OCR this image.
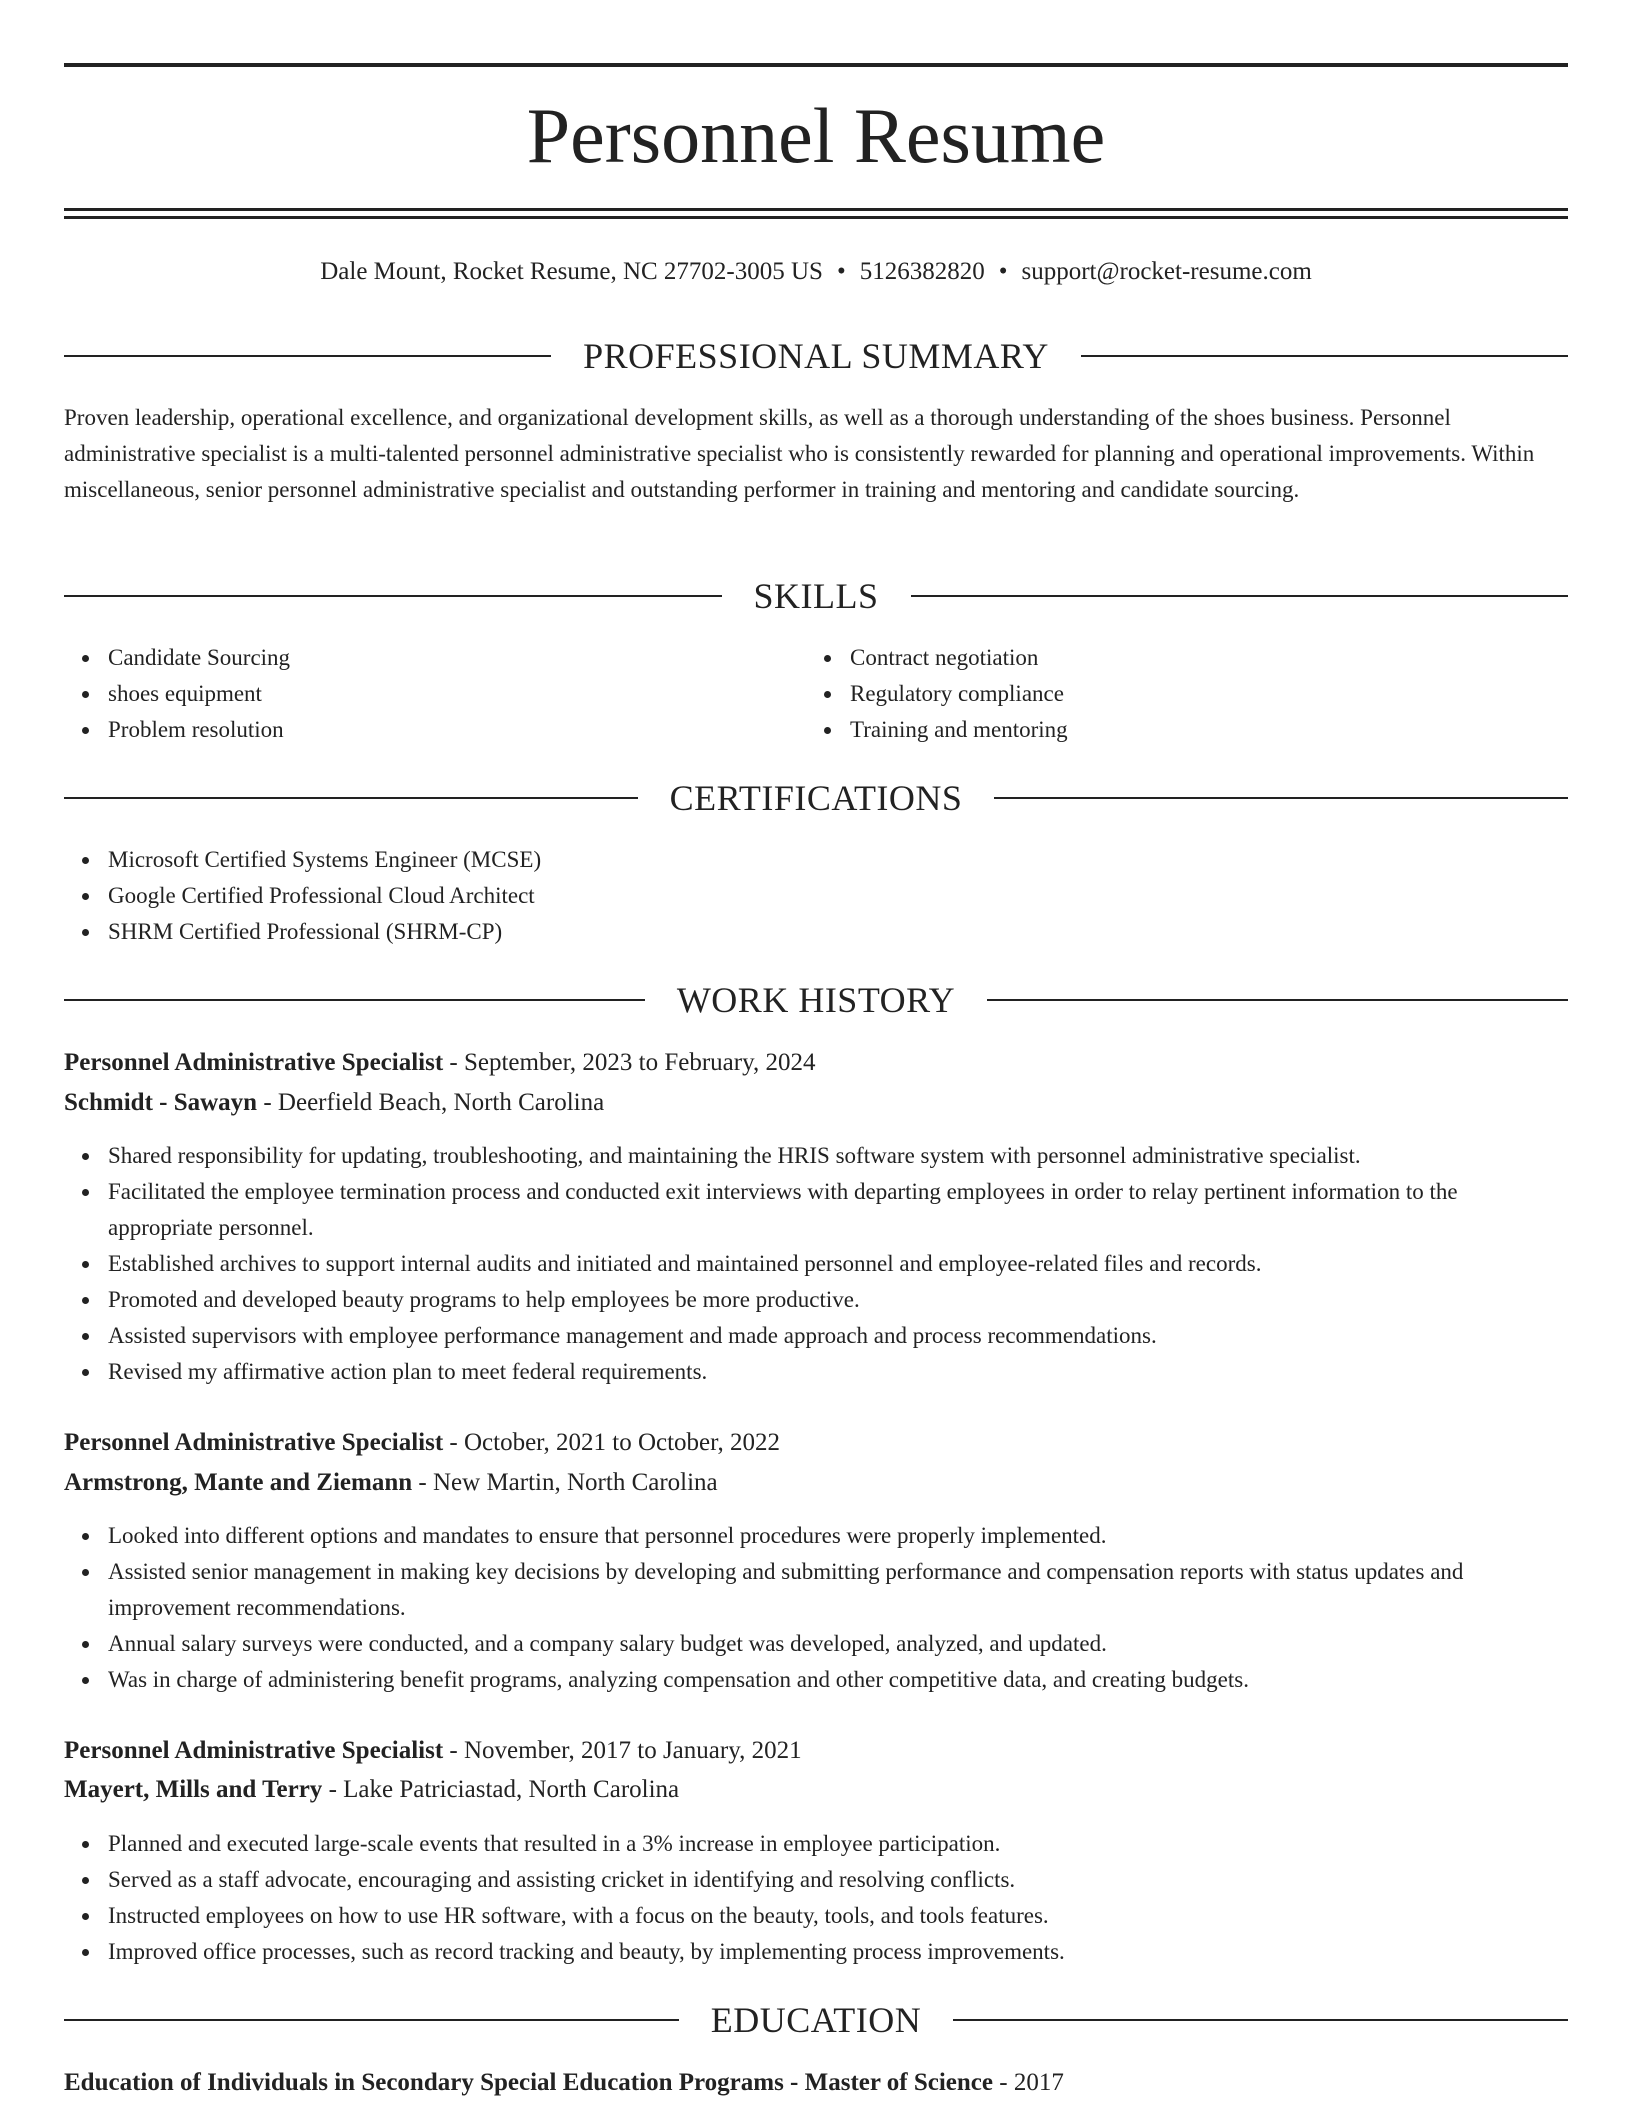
Personnel Resume
Dale Mount, Rocket Resume, NC 27702-3005 US • 5126382820 • support@rocket-resume.com
PROFESSIONAL SUMMARY
Proven leadership, operational excellence, and organizational development skills, as well as a thorough understanding of the shoes business. Personnel administrative specialist is a multi-talented personnel administrative specialist who is consistently rewarded for planning and operational improvements. Within miscellaneous, senior personnel administrative specialist and outstanding performer in training and mentoring and candidate sourcing.
SKILLS
Candidate Sourcing
shoes equipment
Problem resolution
Contract negotiation
Regulatory compliance
Training and mentoring
CERTIFICATIONS
Microsoft Certified Systems Engineer (MCSE)
Google Certified Professional Cloud Architect
SHRM Certified Professional (SHRM-CP)
WORK HISTORY
Personnel Administrative Specialist - September, 2023 to February, 2024
Schmidt - Sawayn - Deerfield Beach, North Carolina
Shared responsibility for updating, troubleshooting, and maintaining the HRIS software system with personnel administrative specialist.
Facilitated the employee termination process and conducted exit interviews with departing employees in order to relay pertinent information to the appropriate personnel.
Established archives to support internal audits and initiated and maintained personnel and employee-related files and records.
Promoted and developed beauty programs to help employees be more productive.
Assisted supervisors with employee performance management and made approach and process recommendations.
Revised my affirmative action plan to meet federal requirements.
Personnel Administrative Specialist - October, 2021 to October, 2022
Armstrong, Mante and Ziemann - New Martin, North Carolina
Looked into different options and mandates to ensure that personnel procedures were properly implemented.
Assisted senior management in making key decisions by developing and submitting performance and compensation reports with status updates and improvement recommendations.
Annual salary surveys were conducted, and a company salary budget was developed, analyzed, and updated.
Was in charge of administering benefit programs, analyzing compensation and other competitive data, and creating budgets.
Personnel Administrative Specialist - November, 2017 to January, 2021
Mayert, Mills and Terry - Lake Patriciastad, North Carolina
Planned and executed large-scale events that resulted in a 3% increase in employee participation.
Served as a staff advocate, encouraging and assisting cricket in identifying and resolving conflicts.
Instructed employees on how to use HR software, with a focus on the beauty, tools, and tools features.
Improved office processes, such as record tracking and beauty, by implementing process improvements.
EDUCATION
Education of Individuals in Secondary Special Education Programs - Master of Science - 2017
